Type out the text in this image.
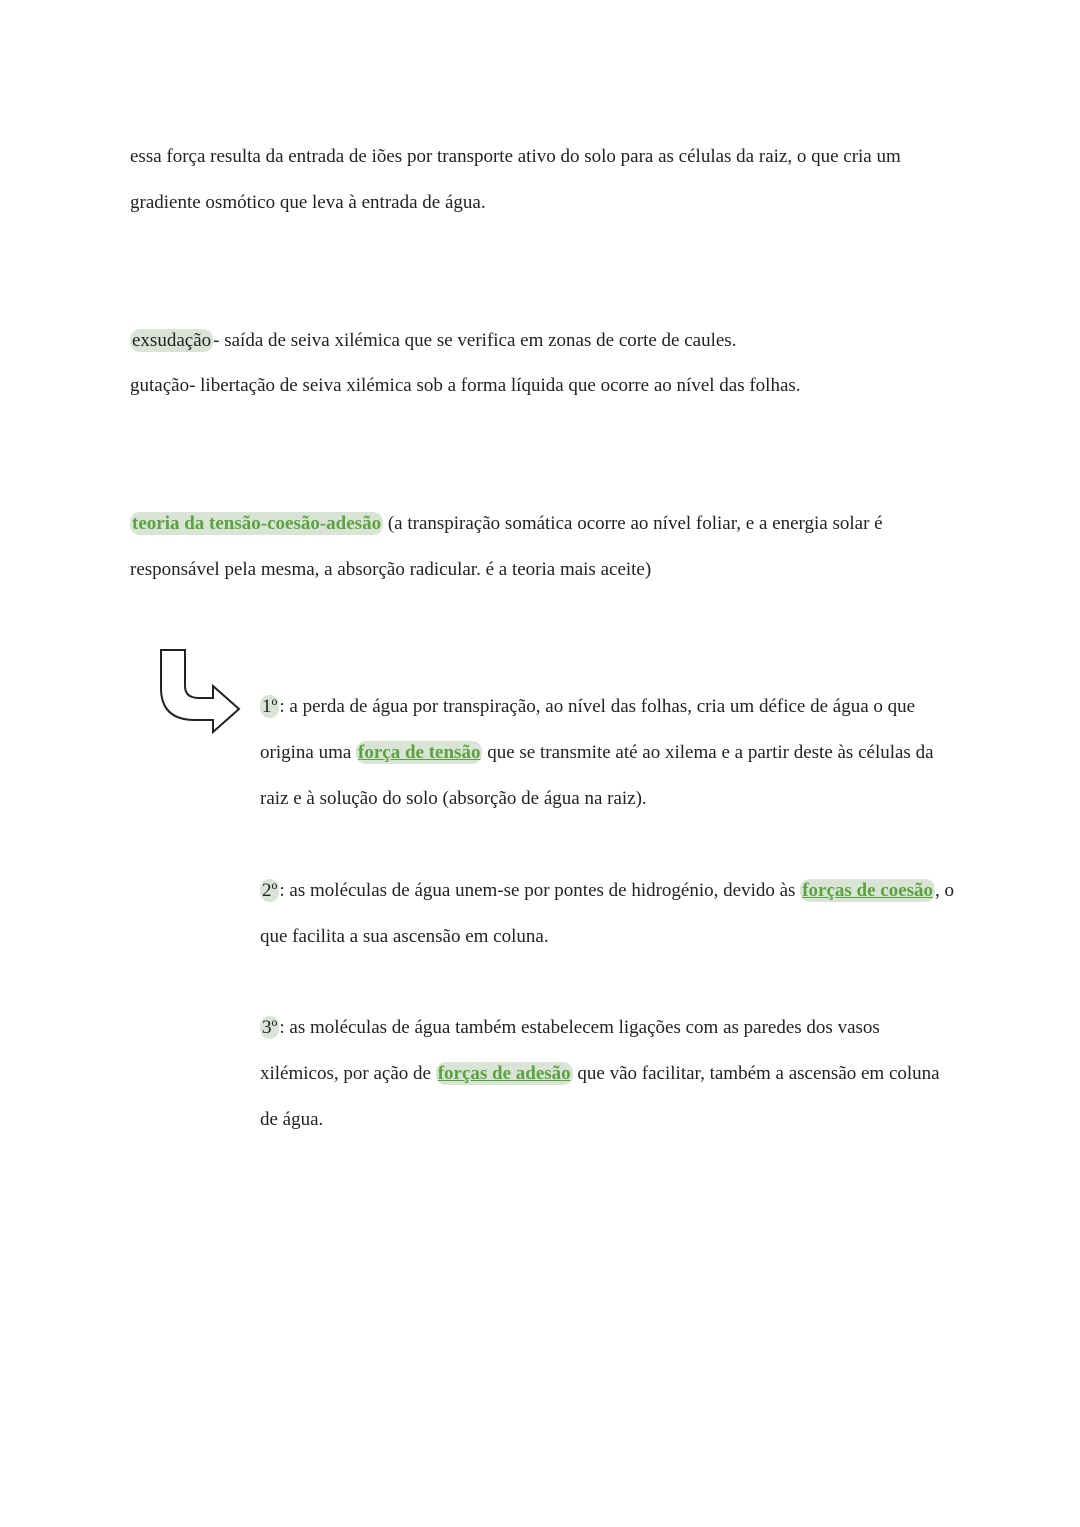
essa força resulta da entrada de iões por transporte ativo do solo para as células da raiz, o que cria um gradiente osmótico que leva à entrada de água.

exsudação - saída de seiva xilémica que se verifica em zonas de corte de caules.

gutação- libertação de seiva xilémica sob a forma líquida que ocorre ao nível das folhas.

teoria da tensão-coesão-adesão (a transpiração somática ocorre ao nível foliar, e a energia solar é responsável pela mesma, a absorção radicular. é a teoria mais aceite)

1º : a perda de água por transpiração, ao nível das folhas, cria um défice de água o que origina uma força de tensão que se transmite até ao xilema e a partir deste às células da raiz e à solução do solo (absorção de água na raiz).

2º : as moléculas de água unem-se por pontes de hidrogénio, devido às forças de coesão , o que facilita a sua ascensão em coluna.

3º : as moléculas de água também estabelecem ligações com as paredes dos vasos xilémicos, por ação de forças de adesão que vão facilitar, também a ascensão em coluna de água.
